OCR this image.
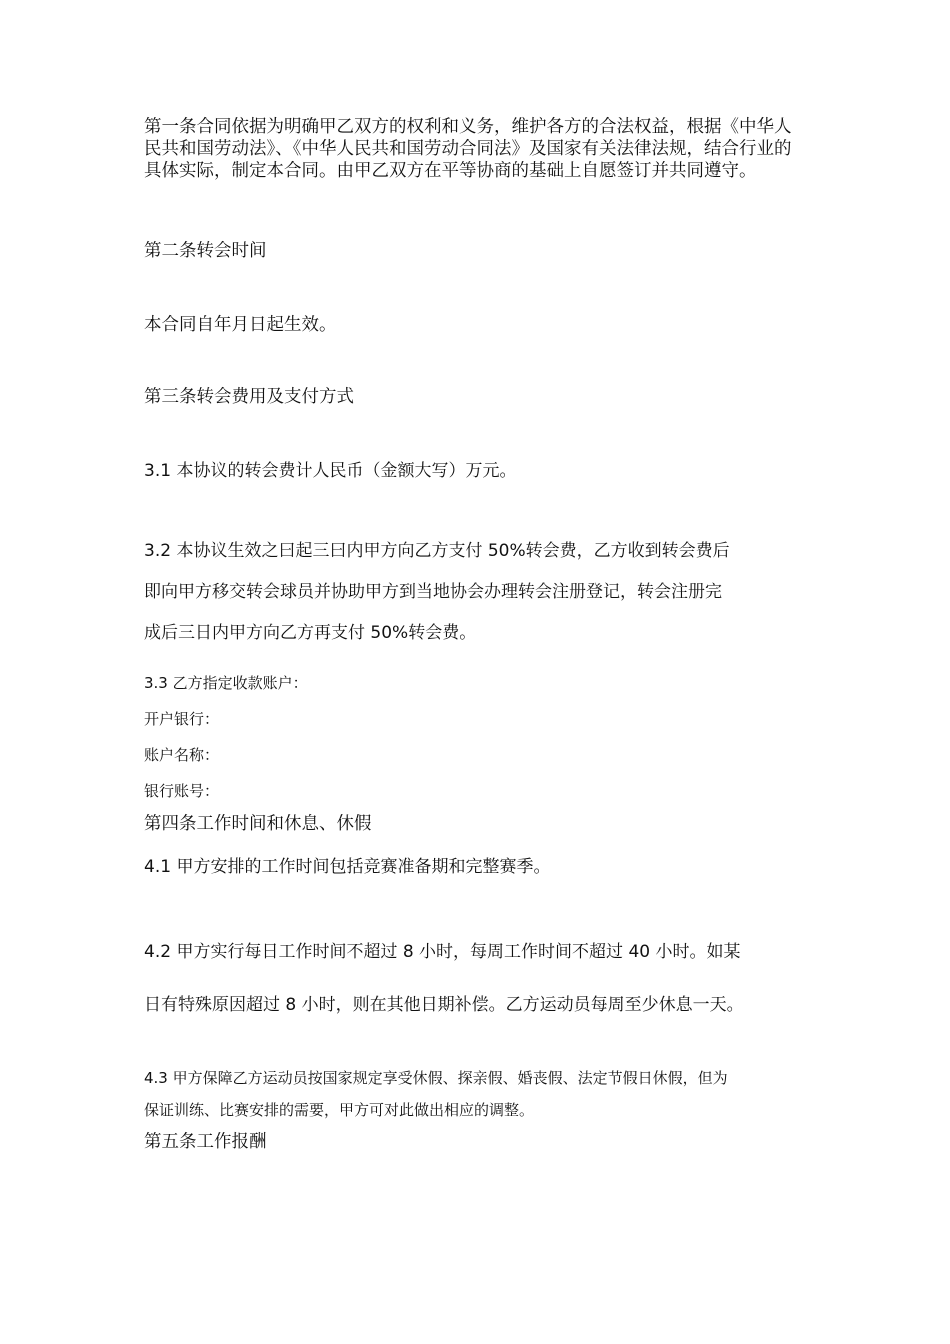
第一条合同依据为明确甲乙双方的权利和义务，维护各方的合法权益，根据《中华人民共和国劳动法》、《中华人民共和国劳动合同法》及国家有关法律法规，结合行业的具体实际，制定本合同。由甲乙双方在平等协商的基础上自愿签订并共同遵守。

第二条转会时间

本合同自年月日起生效。

第三条转会费用及支付方式

3.1 本协议的转会费计人民币（金额大写）万元。

3.2 本协议生效之曰起三曰内甲方向乙方支付 50%转会费，乙方收到转会费后

即向甲方移交转会球员并协助甲方到当地协会办理转会注册登记，转会注册完

成后三日内甲方向乙方再支付 50%转会费。

3.3 乙方指定收款账户：

开户银行：

账户名称：

银行账号：

第四条工作时间和休息、休假

4.1 甲方安排的工作时间包括竞赛准备期和完整赛季。

4.2 甲方实行每日工作时间不超过 8 小时，每周工作时间不超过 40 小时。如某

日有特殊原因超过 8 小时，则在其他日期补偿。乙方运动员每周至少休息一天。

4.3 甲方保障乙方运动员按国家规定享受休假、探亲假、婚丧假、法定节假日休假，但为

保证训练、比赛安排的需要，甲方可对此做出相应的调整。

第五条工作报酬
